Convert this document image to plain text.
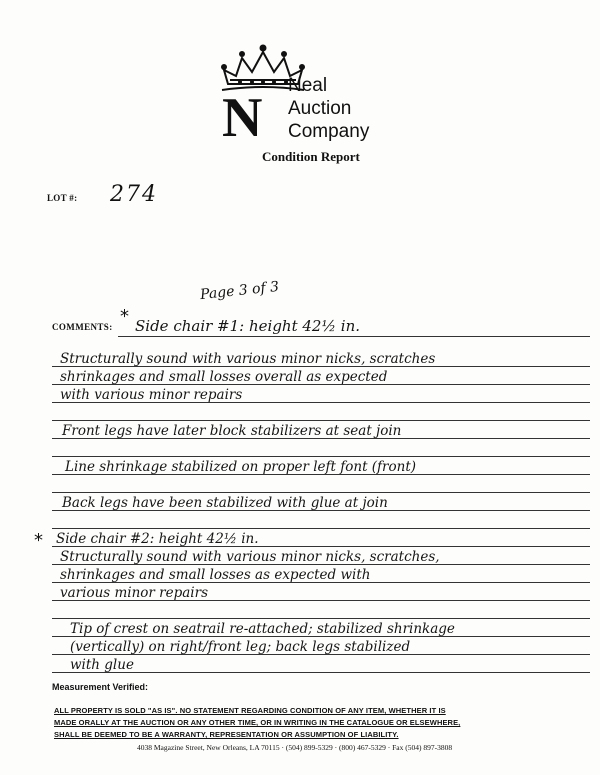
N
Neal
Auction
Company
Condition Report
LOT #: 274
Page 3 of 3
COMMENTS: * Side chair #1: height 42½ in.
Structurally sound with various minor nicks, scratches
shrinkages and small losses overall as expected
with various minor repairs
Front legs have later block stabilizers at seat join
Line shrinkage stabilized on proper left font (front)
Back legs have been stabilized with glue at join
* Side chair #2: height 42½ in.
Structurally sound with various minor nicks, scratches,
shrinkages and small losses as expected with
various minor repairs
Tip of crest on seatrail re-attached; stabilized shrinkage
(vertically) on right/front leg; back legs stabilized
with glue
Measurement Verified:
ALL PROPERTY IS SOLD "AS IS". NO STATEMENT REGARDING CONDITION OF ANY ITEM, WHETHER IT IS
MADE ORALLY AT THE AUCTION OR ANY OTHER TIME, OR IN WRITING IN THE CATALOGUE OR ELSEWHERE,
SHALL BE DEEMED TO BE A WARRANTY, REPRESENTATION OR ASSUMPTION OF LIABILITY.
4038 Magazine Street, New Orleans, LA 70115 · (504) 899-5329 · (800) 467-5329 · Fax (504) 897-3808
